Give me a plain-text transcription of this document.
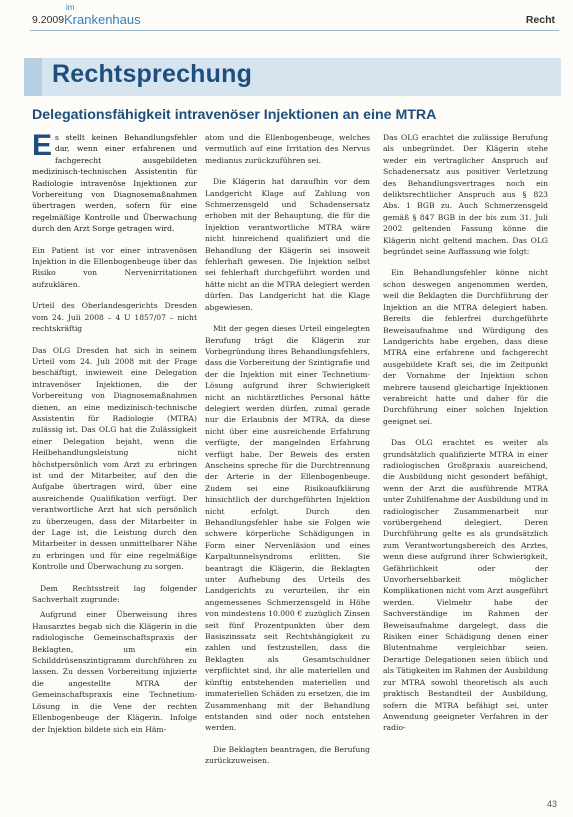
9.2009
im
Krankenhaus	Recht
Rechtsprechung
Delegationsfähigkeit intravenöser Injektionen an eine MTRA

Es stellt keinen Behandlungsfehler dar, wenn einer erfahrenen und fachgerecht ausgebildeten medizinisch-technischen Assistentin für Radiologie intravenöse Injektionen zur Vorbereitung von Diagnosemaßnahmen übertragen werden, sofern für eine regelmäßige Kontrolle und Überwachung durch den Arzt Sorge getragen wird.

Ein Patient ist vor einer intravenösen Injektion in die Ellenbogenbeuge über das Risiko von Nervenirritationen aufzuklären.

Urteil des Oberlandesgerichts Dresden vom 24. Juli 2008 – 4 U 1857/07 – nicht rechtskräftig

Das OLG Dresden hat sich in seinem Urteil vom 24. Juli 2008 mit der Frage beschäftigt, inwieweit eine Delegation intravenöser Injektionen, die der Vorbereitung von Diagnosemaßnahmen dienen, an eine medizinisch-technische Assistentin für Radiologie (MTRA) zulässig ist. Das OLG hat die Zulässigkeit einer Delegation bejaht, wenn die Heilbehandlungsleistung nicht höchstpersönlich vom Arzt zu erbringen ist und der Mitarbeiter, auf den die Aufgabe übertragen wird, über eine ausreichende Qualifikation verfügt. Der verantwortliche Arzt hat sich persönlich zu überzeugen, dass der Mitarbeiter in der Lage ist, die Leistung durch den Mitarbeiter in dessen unmittelbarer Nähe zu erbringen und für eine regelmäßige Kontrolle und Überwachung zu sorgen.

Dem Rechtsstreit lag folgender Sachverhalt zugrunde:

Aufgrund einer Überweisung ihres Hausarztes begab sich die Klägerin in die radiologische Gemeinschaftspraxis der Beklagten, um ein Schilddrüsenszintigramm durchführen zu lassen. Zu dessen Vorbereitung injizierte die angestellte MTRA der Gemeinschaftspraxis eine Technetium-Lösung in die Vene der rechten Ellenbogenbeuge der Klägerin. Infolge der Injektion bildete sich ein Häm-

atom und die Ellenbogenbeuge, welches vermutlich auf eine Irritation des Nervus medianus zurückzuführen sei.

Die Klägerin hat daraufhin vor dem Landgericht Klage auf Zahlung von Schmerzensgeld und Schadensersatz erhoben mit der Behauptung, die für die Injektion verantwortliche MTRA wäre nicht hinreichend qualifiziert und die Behandlung der Klägerin sei insoweit fehlerhaft gewesen. Die Injektion selbst sei fehlerhaft durchgeführt worden und hätte nicht an die MTRA delegiert werden dürfen. Das Landgericht hat die Klage abgewiesen.

Mit der gegen dieses Urteil eingelegten Berufung trägt die Klägerin zur Vorbegründung ihres Behandlungsfehlers, dass die Vorbereitung der Szintigrafie und der die Injektion mit einer Technetium-Lösung aufgrund ihrer Schwierigkeit nicht an nichtärztliches Personal hätte delegiert werden dürfen, zumal gerade nur die Erlaubnis der MTRA, da diese nicht über eine ausreichende Erfahrung verfügte, der mangelnden Erfahrung verfügt habe. Der Beweis des ersten Anscheins spreche für die Durchtrennung der Arterie in der Ellenbogenbeuge. Zudem sei eine Risikoaufklärung hinsichtlich der durchgeführten Injektion nicht erfolgt. Durch den Behandlungsfehler habe sie Folgen wie schwere körperliche Schädigungen in Form einer Nervenläsion und eines Karpaltunnelsyndroms erlitten. Sie beantragt die Klägerin, die Beklagten unter Aufhebung des Urteils des Landgerichts zu verurteilen, ihr ein angemessenes Schmerzensgeld in Höhe von mindestens 10.000 € zuzüglich Zinsen seit fünf Prozentpunkten über dem Basiszinssatz seit Rechtshängigkeit zu zahlen und festzustellen, dass die Beklagten als Gesamtschuldner verpflichtet sind, ihr alle materiellen und künftig entstehenden materiellen und immateriellen Schäden zu ersetzen, die im Zusammenhang mit der Behandlung entstanden sind oder noch entstehen werden.

Die Beklagten beantragen, die Berufung zurückzuweisen.

Das OLG erachtet die zulässige Berufung als unbegründet. Der Klägerin stehe weder ein vertraglicher Anspruch auf Schadenersatz aus positiver Verletzung des Behandlungsvertrages noch ein deliktsrechtlicher Anspruch aus § 823 Abs. 1 BGB zu. Auch Schmerzensgeld gemäß § 847 BGB in der bis zum 31. Juli 2002 geltenden Fassung könne die Klägerin nicht geltend machen. Das OLG begründet seine Auffassung wie folgt:

Ein Behandlungsfehler könne nicht schon deswegen angenommen werden, weil die Beklagten die Durchführung der Injektion an die MTRA delegiert haben. Bereits die fehlerfrei durchgeführte Beweisaufnahme und Würdigung des Landgerichts habe ergeben, dass diese MTRA eine erfahrene und fachgerecht ausgebildete Kraft sei, die im Zeitpunkt der Vornahme der Injektion schon mehrere tausend gleichartige Injektionen verabreicht hatte und daher für die Durchführung einer solchen Injektion geeignet sei.

Das OLG erachtet es weiter als grundsätzlich qualifizierte MTRA in einer radiologischen Großpraxis ausreichend, die Ausbildung nicht gesondert befähigt, wenn der Arzt die ausführende MTRA unter Zuhilfenahme der Ausbildung und in radiologischer Zusammenarbeit nur vorübergehend delegiert. Deren Durchführung gelte es als grundsätzlich zum Verantwortungsbereich des Arztes, wenn diese aufgrund ihrer Schwierigkeit, Gefährlichkeit oder der Unvorhersehbarkeit möglicher Komplikationen nicht vom Arzt ausgeführt werden. Vielmehr habe der Sachverständige im Rahmen der Beweisaufnahme dargelegt, dass die Risiken einer Schädigung denen einer Blutentnahme vergleichbar seien. Derartige Delegationen seien üblich und als Tätigkeiten im Rahmen der Ausbildung zur MTRA sowohl theoretisch als auch praktisch Bestandteil der Ausbildung, sofern die MTRA befähigt sei, unter Anwendung geeigneter Verfahren in der radio-

43
